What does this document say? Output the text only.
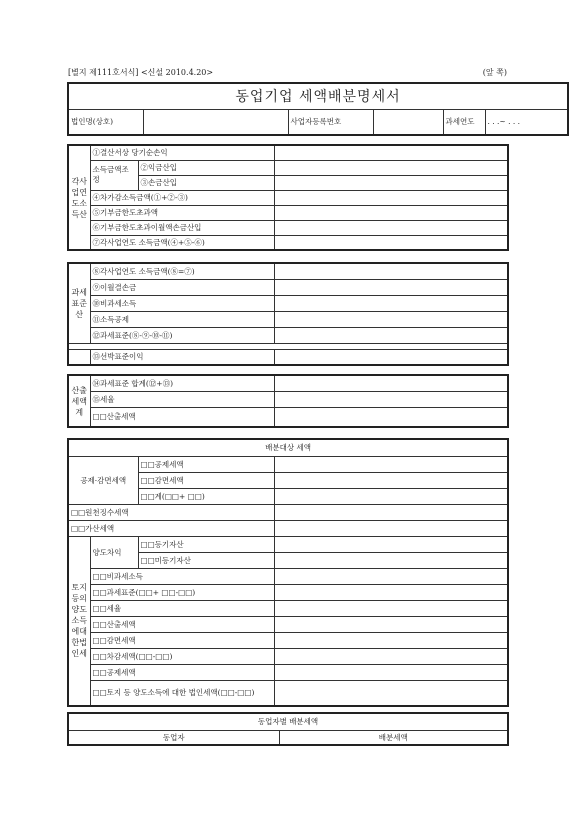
[별지 제111호서식] <신설 2010.4.20>	(앞 쪽)
동업기업 세액배분명세서
법인명(상호)		사업자등록번호		과세연도	. . .~ . . .
각사업연도소득산	①결산서상 당기순손익		
	소득금액조 정	②익금산입	
		③손금산입	
	④차가감소득금액(①+②-③)		
	⑤기부금한도초과액		
	⑥기부금한도초과이월액손금산입		
	⑦각사업연도 소득금액(④+⑤-⑥)		
과세표준산	⑧각사업연도 소득금액(⑧=⑦)	
	⑨이월결손금	
	⑩비과세소득	
	⑪소득공제	
	⑫과세표준(⑧-⑨-⑩-⑪)	

	⑬선박표준이익	
산출세액계	⑭과세표준 합계(⑫+⑬)	
	⑮세율	
	□□산출세액	
배분대상 세액			
공제·감면세액		□□공제세액	
		□□감면세액	
		□□계(□□+ □□)	
□□원천징수세액			
□□가산세액			
토지등의양도소득에대한법인세	양도차익	□□등기자산	
		□□미등기자산	
	□□비과세소득		
	□□과세표준(□□+ □□-□□)		
	□□세율		
	□□산출세액		
	□□감면세액		
	□□차감세액(□□-□□)		
	□□공제세액		
	□□토지 등 양도소득에 대한 법인세액(□□-□□)		
동업자별 배분세액
동업자	배분세액
